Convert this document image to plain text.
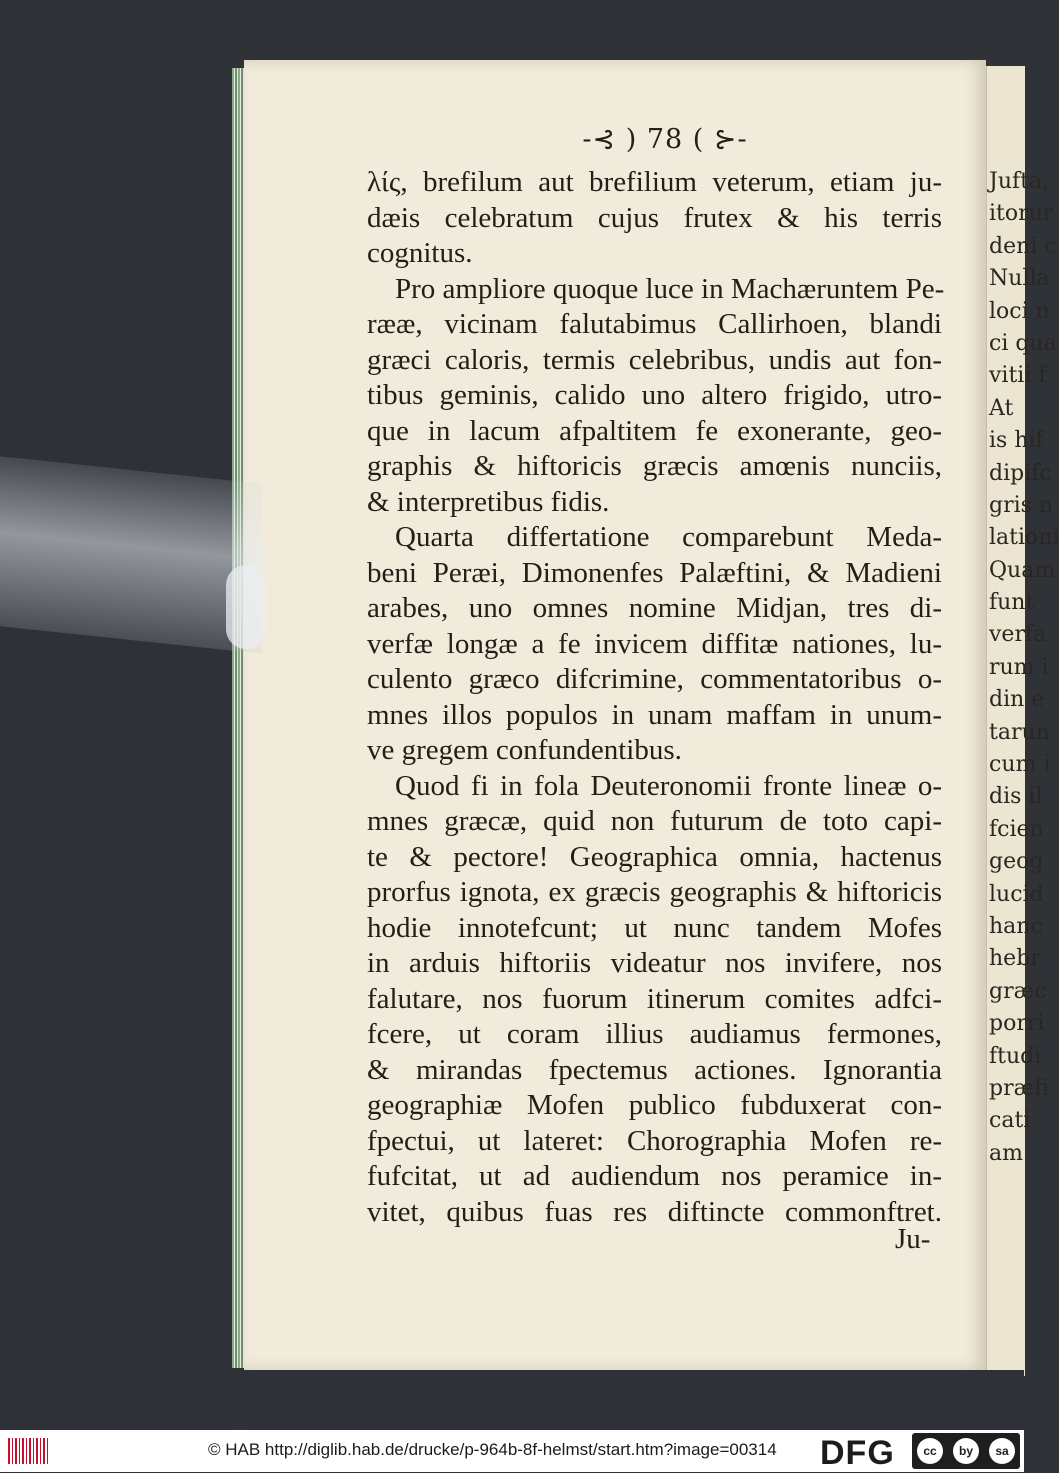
Jufta,
itorur
deni c
Nulla
loci n
ci qua
vitii f
At
is hif
dipifc
gris n
lationi
Quam
funt
verfa
rum i
din e
tarun
cum i
dis il
fcien
geog
lucid
hanc
hebr
græc
porri
ftudi
præfi
cati
am
-⊰ ) 78 ( ⊱-
λίς, brefilum aut brefilium veterum, etiam ju-
dæis celebratum cujus frutex & his terris
cognitus.
Pro ampliore quoque luce in Machæruntem Pe-
rææ, vicinam falutabimus Callirhoen, blandi
græci caloris, termis celebribus, undis aut fon-
tibus geminis, calido uno altero frigido, utro-
que in lacum afpaltitem fe exonerante, geo-
graphis & hiftoricis græcis amœnis nunciis,
& interpretibus fidis.
Quarta differtatione comparebunt Meda-
beni Peræi, Dimonenfes Palæftini, & Madieni
arabes, uno omnes nomine Midjan, tres di-
verfæ longæ a fe invicem diffitæ nationes, lu-
culento græco difcrimine, commentatoribus o-
mnes illos populos in unam maffam in unum-
ve gregem confundentibus.
Quod fi in fola Deuteronomii fronte lineæ o-
mnes græcæ, quid non futurum de toto capi-
te & pectore! Geographica omnia, hactenus
prorfus ignota, ex græcis geographis & hiftoricis
hodie innotefcunt; ut nunc tandem Mofes
in arduis hiftoriis videatur nos invifere, nos
falutare, nos fuorum itinerum comites adfci-
fcere, ut coram illius audiamus fermones,
& mirandas fpectemus actiones. Ignorantia
geographiæ Mofen publico fubduxerat con-
fpectui, ut lateret: Chorographia Mofen re-
fufcitat, ut ad audiendum nos peramice in-
vitet, quibus fuas res diftincte commonftret.
Ju-
© HAB http://diglib.hab.de/drucke/p-964b-8f-helmst/start.htm?image=00314 DFG	cc	by	sa
